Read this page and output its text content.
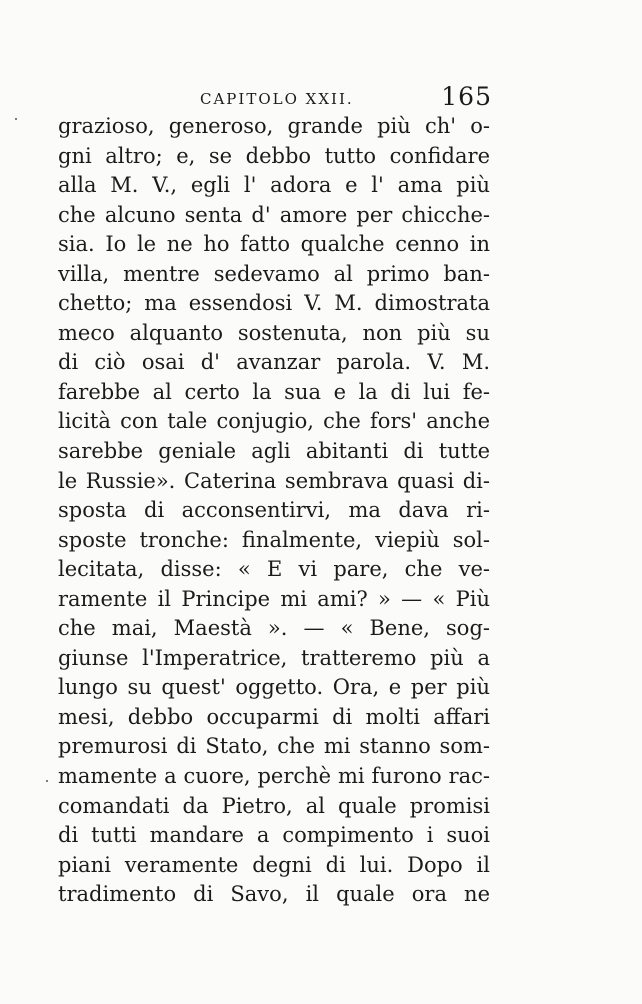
CAPITOLO XXII.	165
grazioso, generoso, grande più ch' o-
gni altro; e, se debbo tutto confidare
alla M. V., egli l' adora e l' ama più
che alcuno senta d' amore per chicche-
sia. Io le ne ho fatto qualche cenno in
villa, mentre sedevamo al primo ban-
chetto; ma essendosi V. M. dimostrata
meco alquanto sostenuta, non più su
di ciò osai d' avanzar parola. V. M.
farebbe al certo la sua e la di lui fe-
licità con tale conjugio, che fors' anche
sarebbe geniale agli abitanti di tutte
le Russie». Caterina sembrava quasi di-
sposta di acconsentirvi, ma dava ri-
sposte tronche: finalmente, viepiù sol-
lecitata, disse: « E vi pare, che ve-
ramente il Principe mi ami? » — « Più
che mai, Maestà ». — « Bene, sog-
giunse l'Imperatrice, tratteremo più a
lungo su quest' oggetto. Ora, e per più
mesi, debbo occuparmi di molti affari
premurosi di Stato, che mi stanno som-
mamente a cuore, perchè mi furono rac-
comandati da Pietro, al quale promisi
di tutti mandare a compimento i suoi
piani veramente degni di lui. Dopo il
tradimento di Savo, il quale ora ne
